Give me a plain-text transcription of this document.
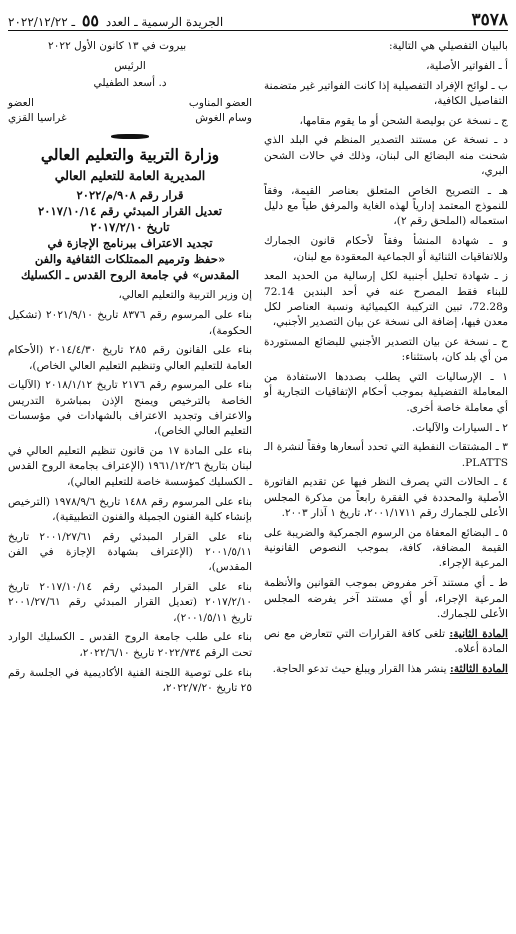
٣٥٧٨
الجريدة الرسمية ـ العدد ٥٥ ـ ٢٠٢٢/١٢/٢٢

بالبيان التفصيلي هي التالية:

أ ـ الفواتير الأصلية،

ب ـ لوائح الإفراد التفصيلية إذا كانت الفواتير غير متضمنة التفاصيل الكافية،

ج ـ نسخة عن بوليصة الشحن أو ما يقوم مقامها،

د ـ نسخة عن مستند التصدير المنظم في البلد الذي شحنت منه البضائع الى لبنان، وذلك في حالات الشحن البري،

هـ ـ التصريح الخاص المتعلق بعناصر القيمة، وفقاً للنموذج المعتمد إدارياً لهذه الغاية والمرفق طياً مع دليل استعماله (الملحق رقم ٢)،

و ـ شهادة المنشأ وفقاً لأحكام قانون الجمارك وللاتفاقيات الثنائية أو الجماعية المعقودة مع لبنان،

ز ـ شهادة تحليل أجنبية لكل إرسالية من الحديد المعد للبناء فقط المصرح عنه في أحد البندين 72.14 و72.28، تبين التركيبة الكيميائية ونسبة العناصر لكل معدن فيها، إضافة الى نسخة عن بيان التصدير الأجنبي،

ح ـ نسخة عن بيان التصدير الأجنبي للبضائع المستوردة من أي بلد كان، باستثناء:

١ ـ الإرساليات التي يطلب بصددها الاستفادة من المعاملة التفضيلية بموجب أحكام الإتفاقيات التجارية أو أي معاملة خاصة أخرى.

٢ ـ السيارات والآليات.

٣ ـ المشتقات النفطية التي تحدد أسعارها وفقاً لنشرة الـ PLATTS.

٤ ـ الحالات التي يصرف النظر فيها عن تقديم الفاتورة الأصلية والمحددة في الفقرة رابعاً من مذكرة المجلس الأعلى للجمارك رقم ٢٠٠١/١٧١١، تاريخ ١ آذار ٢٠٠٣.

٥ ـ البضائع المعفاة من الرسوم الجمركية والضريبة على القيمة المضافة، كافة، بموجب النصوص القانونية المرعية الإجراء.

ط ـ أي مستند آخر مفروض بموجب القوانين والأنظمة المرعية الإجراء، أو أي مستند آخر يفرضه المجلس الأعلى للجمارك.

المادة الثانية: تلغى كافة القرارات التي تتعارض مع نص المادة أعلاه.

المادة الثالثة: ينشر هذا القرار ويبلغ حيث تدعو الحاجة.

بيروت في ١٣ كانون الأول ٢٠٢٢

الرئيس

د. أسعد الطفيلي

العضو المناوب
العضو
وسام الغوش
غراسيا القزي

وزارة التربية والتعليم العالي

المديرية العامة للتعليم العالي

قرار رقم ٩٠٨/م/٢٠٢٢

تعديل القرار المبدئي رقم ٢٠١٧/١٠/١٤

تاريخ ٢٠١٧/٢/١٠

تجديد الاعتراف ببرنامج الإجازة في

«حفظ وترميم الممتلكات الثقافية والفن

المقدس» في جامعة الروح القدس ـ الكسليك

إن وزير التربية والتعليم العالي،

بناء على المرسوم رقم ٨٣٧٦ تاريخ ٢٠٢١/٩/١٠ (تشكيل الحكومة)،

بناء على القانون رقم ٢٨٥ تاريخ ٢٠١٤/٤/٣٠ (الأحكام العامة للتعليم العالي وتنظيم التعليم العالي الخاص)،

بناء على المرسوم رقم ٢١٧٦ تاريخ ٢٠١٨/١/١٢ (الآليات الخاصة بالترخيص ويمنح الإذن بمباشرة التدريس والاعتراف وتجديد الاعتراف بالشهادات في مؤسسات التعليم العالي الخاص)،

بناء على المادة ١٧ من قانون تنظيم التعليم العالي في لبنان بتاريخ ١٩٦١/١٢/٢٦ (الإعتراف بجامعة الروح القدس ـ الكسليك كمؤسسة خاصة للتعليم العالي)،

بناء على المرسوم رقم ١٤٨٨ تاريخ ١٩٧٨/٩/٦ (الترخيص بإنشاء كلية الفنون الجميلة والفنون التطبيقية)،

بناء على القرار المبدئي رقم ٢٠٠١/٢٧/٦١ تاريخ ٢٠٠١/٥/١١ (الإعتراف بشهادة الإجازة في الفن المقدس)،

بناء على القرار المبدئي رقم ٢٠١٧/١٠/١٤ تاريخ ٢٠١٧/٢/١٠ (تعديل القرار المبدئي رقم ٢٠٠١/٢٧/٦١ تاريخ ٢٠٠١/٥/١١)،

بناء على طلب جامعة الروح القدس ـ الكسليك الوارد تحت الرقم ٢٠٢٢/٧٣٤ تاريخ ٢٠٢٢/٦/١٠،

بناء على توصية اللجنة الفنية الأكاديمية في الجلسة رقم ٢٥ تاريخ ٢٠٢٢/٧/٢٠،
